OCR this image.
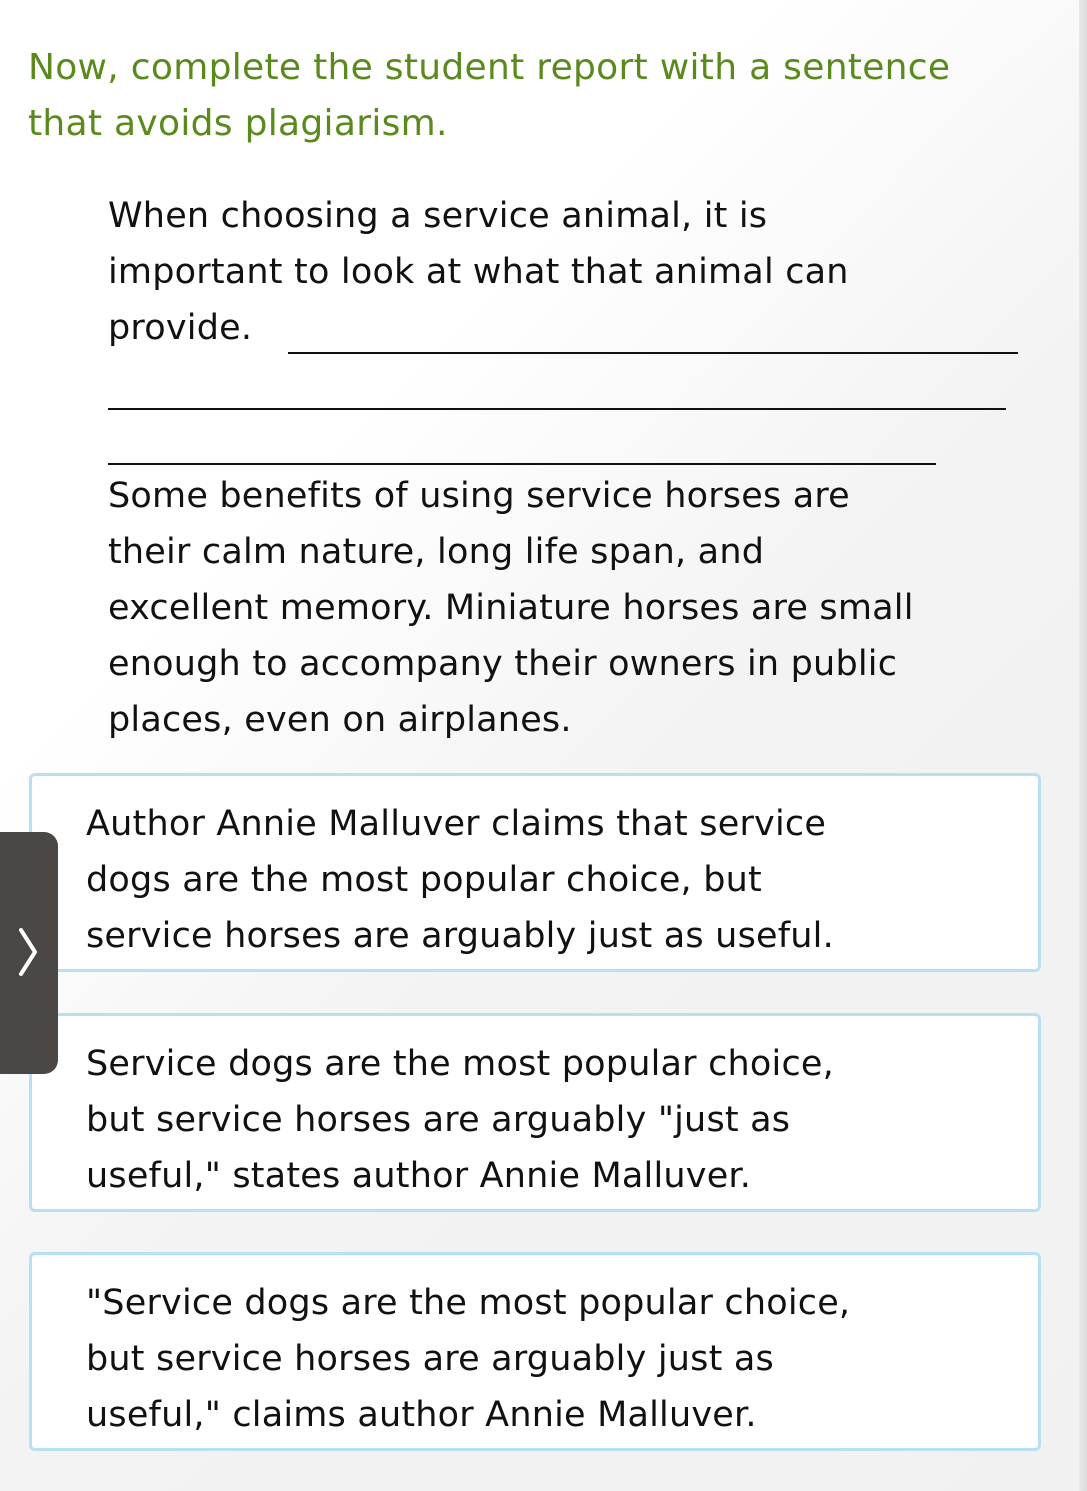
Now, complete the student report with a sentence
that avoids plagiarism.

When choosing a service animal, it is

important to look at what that animal can

provide.

Some benefits of using service horses are

their calm nature, long life span, and

excellent memory. Miniature horses are small

enough to accompany their owners in public

places, even on airplanes.

Author Annie Malluver claims that service
dogs are the most popular choice, but
service horses are arguably just as useful.
Service dogs are the most popular choice,
but service horses are arguably "just as
useful," states author Annie Malluver.
"Service dogs are the most popular choice,
but service horses are arguably just as
useful," claims author Annie Malluver.
